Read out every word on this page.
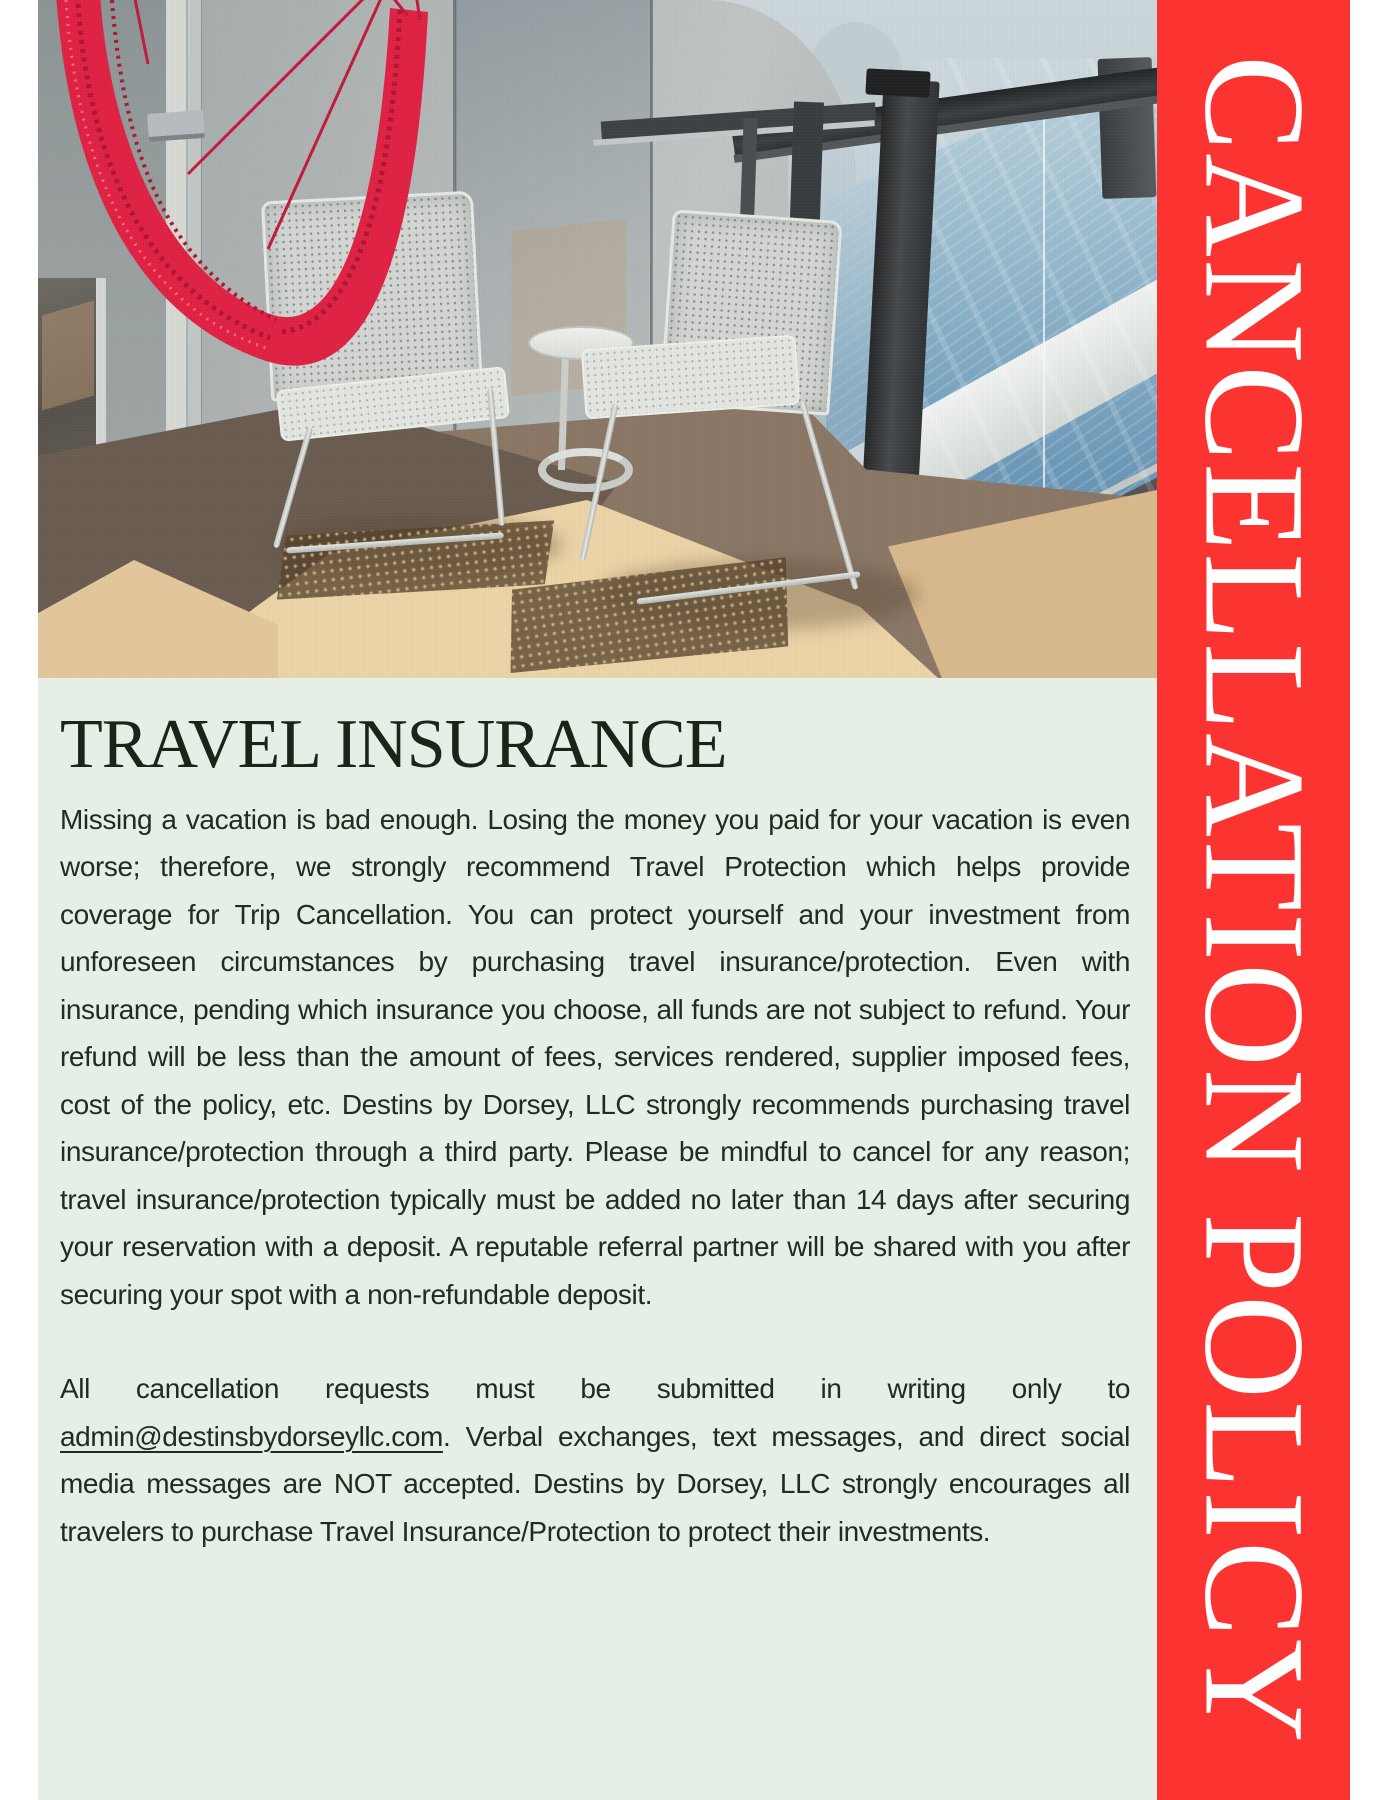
CANCELLATION POLICY
TRAVEL INSURANCE

Missing a vacation is bad enough. Losing the money you paid for your vacation is even worse; therefore, we strongly recommend Travel Protection which helps provide coverage for Trip Cancellation. You can protect yourself and your investment from unforeseen circumstances by purchasing travel insurance/protection. Even with insurance, pending which insurance you choose, all funds are not subject to refund. Your refund will be less than the amount of fees, services rendered, supplier imposed fees, cost of the policy, etc. Destins by Dorsey, LLC strongly recommends purchasing travel insurance/protection through a third party. Please be mindful to cancel for any reason; travel insurance/protection typically must be added no later than 14 days after securing your reservation with a deposit. A reputable referral partner will be shared with you after securing your spot with a non-refundable deposit.

All cancellation requests must be submitted in writing only to admin@destinsbydorseyllc.com. Verbal exchanges, text messages, and direct social media messages are NOT accepted. Destins by Dorsey, LLC strongly encourages all travelers to purchase Travel Insurance/Protection to protect their investments.
